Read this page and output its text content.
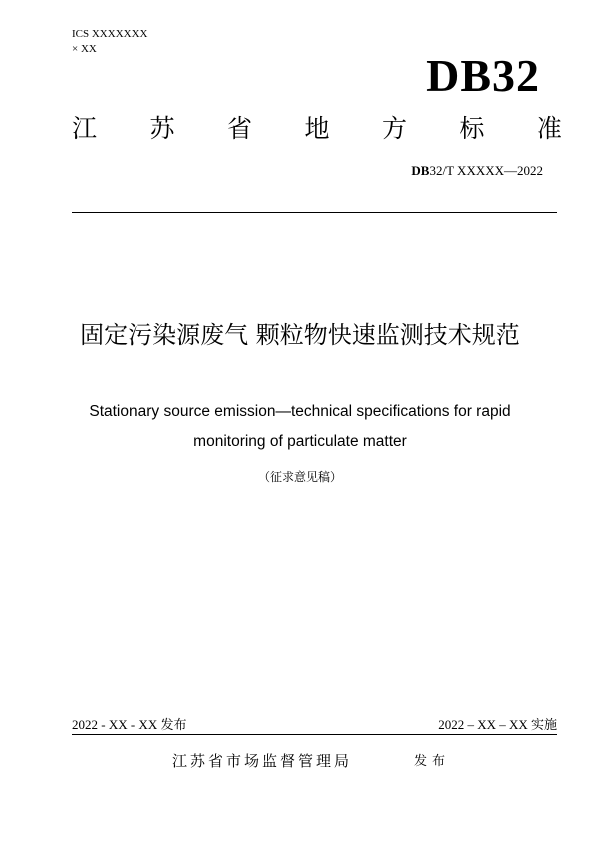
ICS XXXXXXX
× XX
DB32
江 苏 省 地 方 标 准
DB32/T XXXXX—2022
固定污染源废气 颗粒物快速监测技术规范
Stationary source emission—technical specifications for rapid
monitoring of particulate matter
（征求意见稿）
2022 - XX - XX 发布	2022 – XX – XX 实施
江苏省市场监督管理局	发布
